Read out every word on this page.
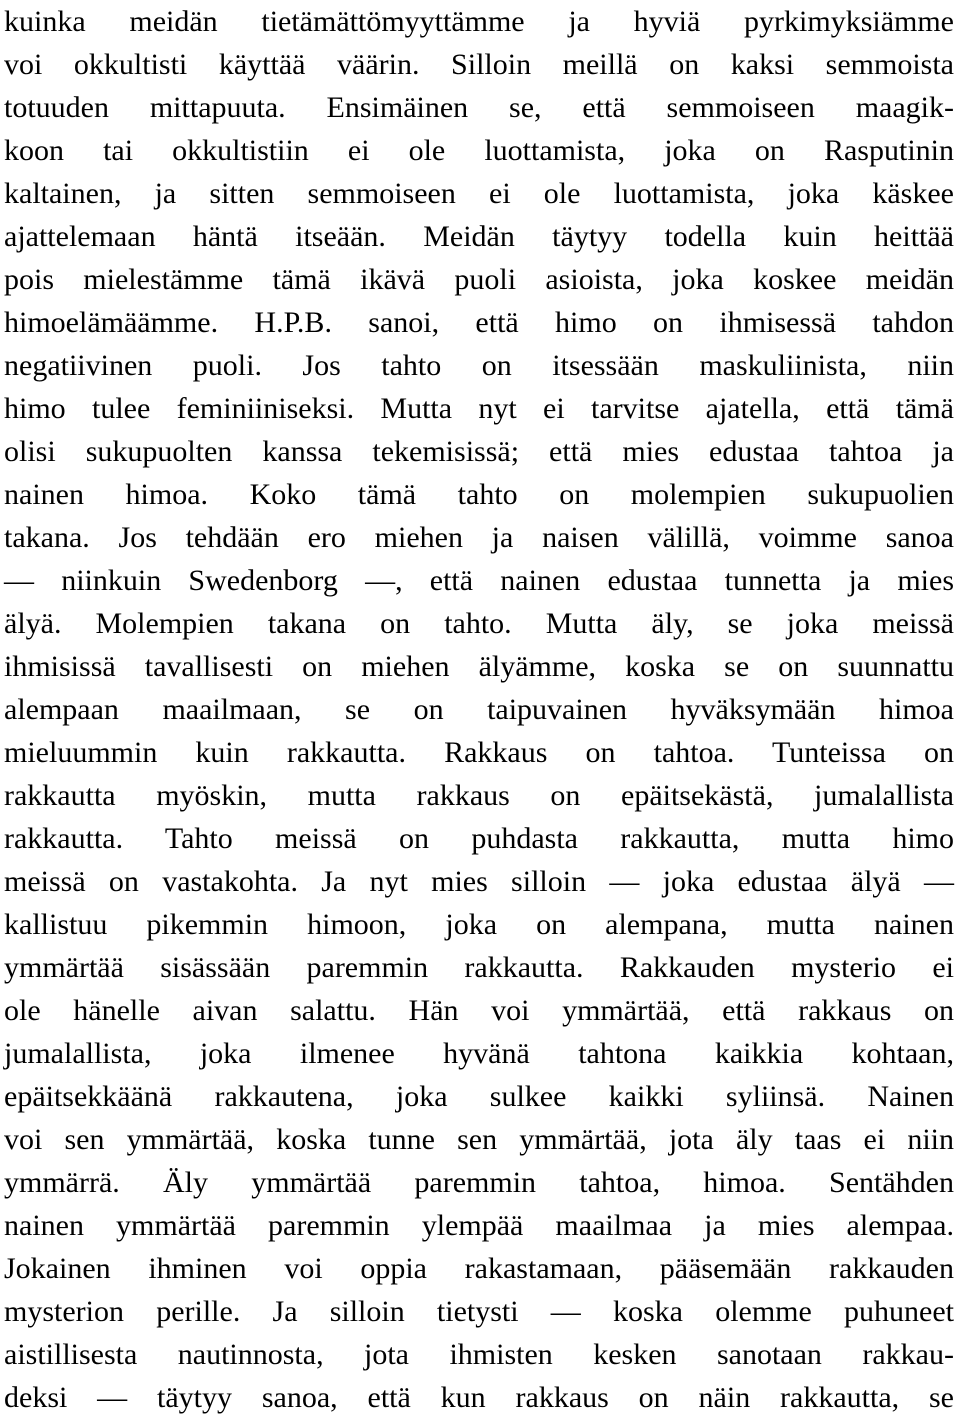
kuinka meidän tietämättömyyttämme ja hyviä pyrkimyksiämme
voi okkultisti käyttää väärin. Silloin meillä on kaksi semmoista
totuuden mittapuuta. Ensimäinen se, että semmoiseen maagik-
koon tai okkultistiin ei ole luottamista, joka on Rasputinin
kaltainen, ja sitten semmoiseen ei ole luottamista, joka käskee
ajattelemaan häntä itseään. Meidän täytyy todella kuin heittää
pois mielestämme tämä ikävä puoli asioista, joka koskee meidän
himoelämäämme. H.P.B. sanoi, että himo on ihmisessä tahdon
negatiivinen puoli. Jos tahto on itsessään maskuliinista, niin
himo tulee feminiiniseksi. Mutta nyt ei tarvitse ajatella, että tämä
olisi sukupuolten kanssa tekemisissä; että mies edustaa tahtoa ja
nainen himoa. Koko tämä tahto on molempien sukupuolien
takana. Jos tehdään ero miehen ja naisen välillä, voimme sanoa
— niinkuin Swedenborg —, että nainen edustaa tunnetta ja mies
älyä. Molempien takana on tahto. Mutta äly, se joka meissä
ihmisissä tavallisesti on miehen älyämme, koska se on suunnattu
alempaan maailmaan, se on taipuvainen hyväksymään himoa
mieluummin kuin rakkautta. Rakkaus on tahtoa. Tunteissa on
rakkautta myöskin, mutta rakkaus on epäitsekästä, jumalallista
rakkautta. Tahto meissä on puhdasta rakkautta, mutta himo
meissä on vastakohta. Ja nyt mies silloin — joka edustaa älyä —
kallistuu pikemmin himoon, joka on alempana, mutta nainen
ymmärtää sisässään paremmin rakkautta. Rakkauden mysterio ei
ole hänelle aivan salattu. Hän voi ymmärtää, että rakkaus on
jumalallista, joka ilmenee hyvänä tahtona kaikkia kohtaan,
epäitsekkäänä rakkautena, joka sulkee kaikki syliinsä. Nainen
voi sen ymmärtää, koska tunne sen ymmärtää, jota äly taas ei niin
ymmärrä. Äly ymmärtää paremmin tahtoa, himoa. Sentähden
nainen ymmärtää paremmin ylempää maailmaa ja mies alempaa.
Jokainen ihminen voi oppia rakastamaan, pääsemään rakkauden
mysterion perille. Ja silloin tietysti — koska olemme puhuneet
aistillisesta nautinnosta, jota ihmisten kesken sanotaan rakkau-
deksi — täytyy sanoa, että kun rakkaus on näin rakkautta, se
